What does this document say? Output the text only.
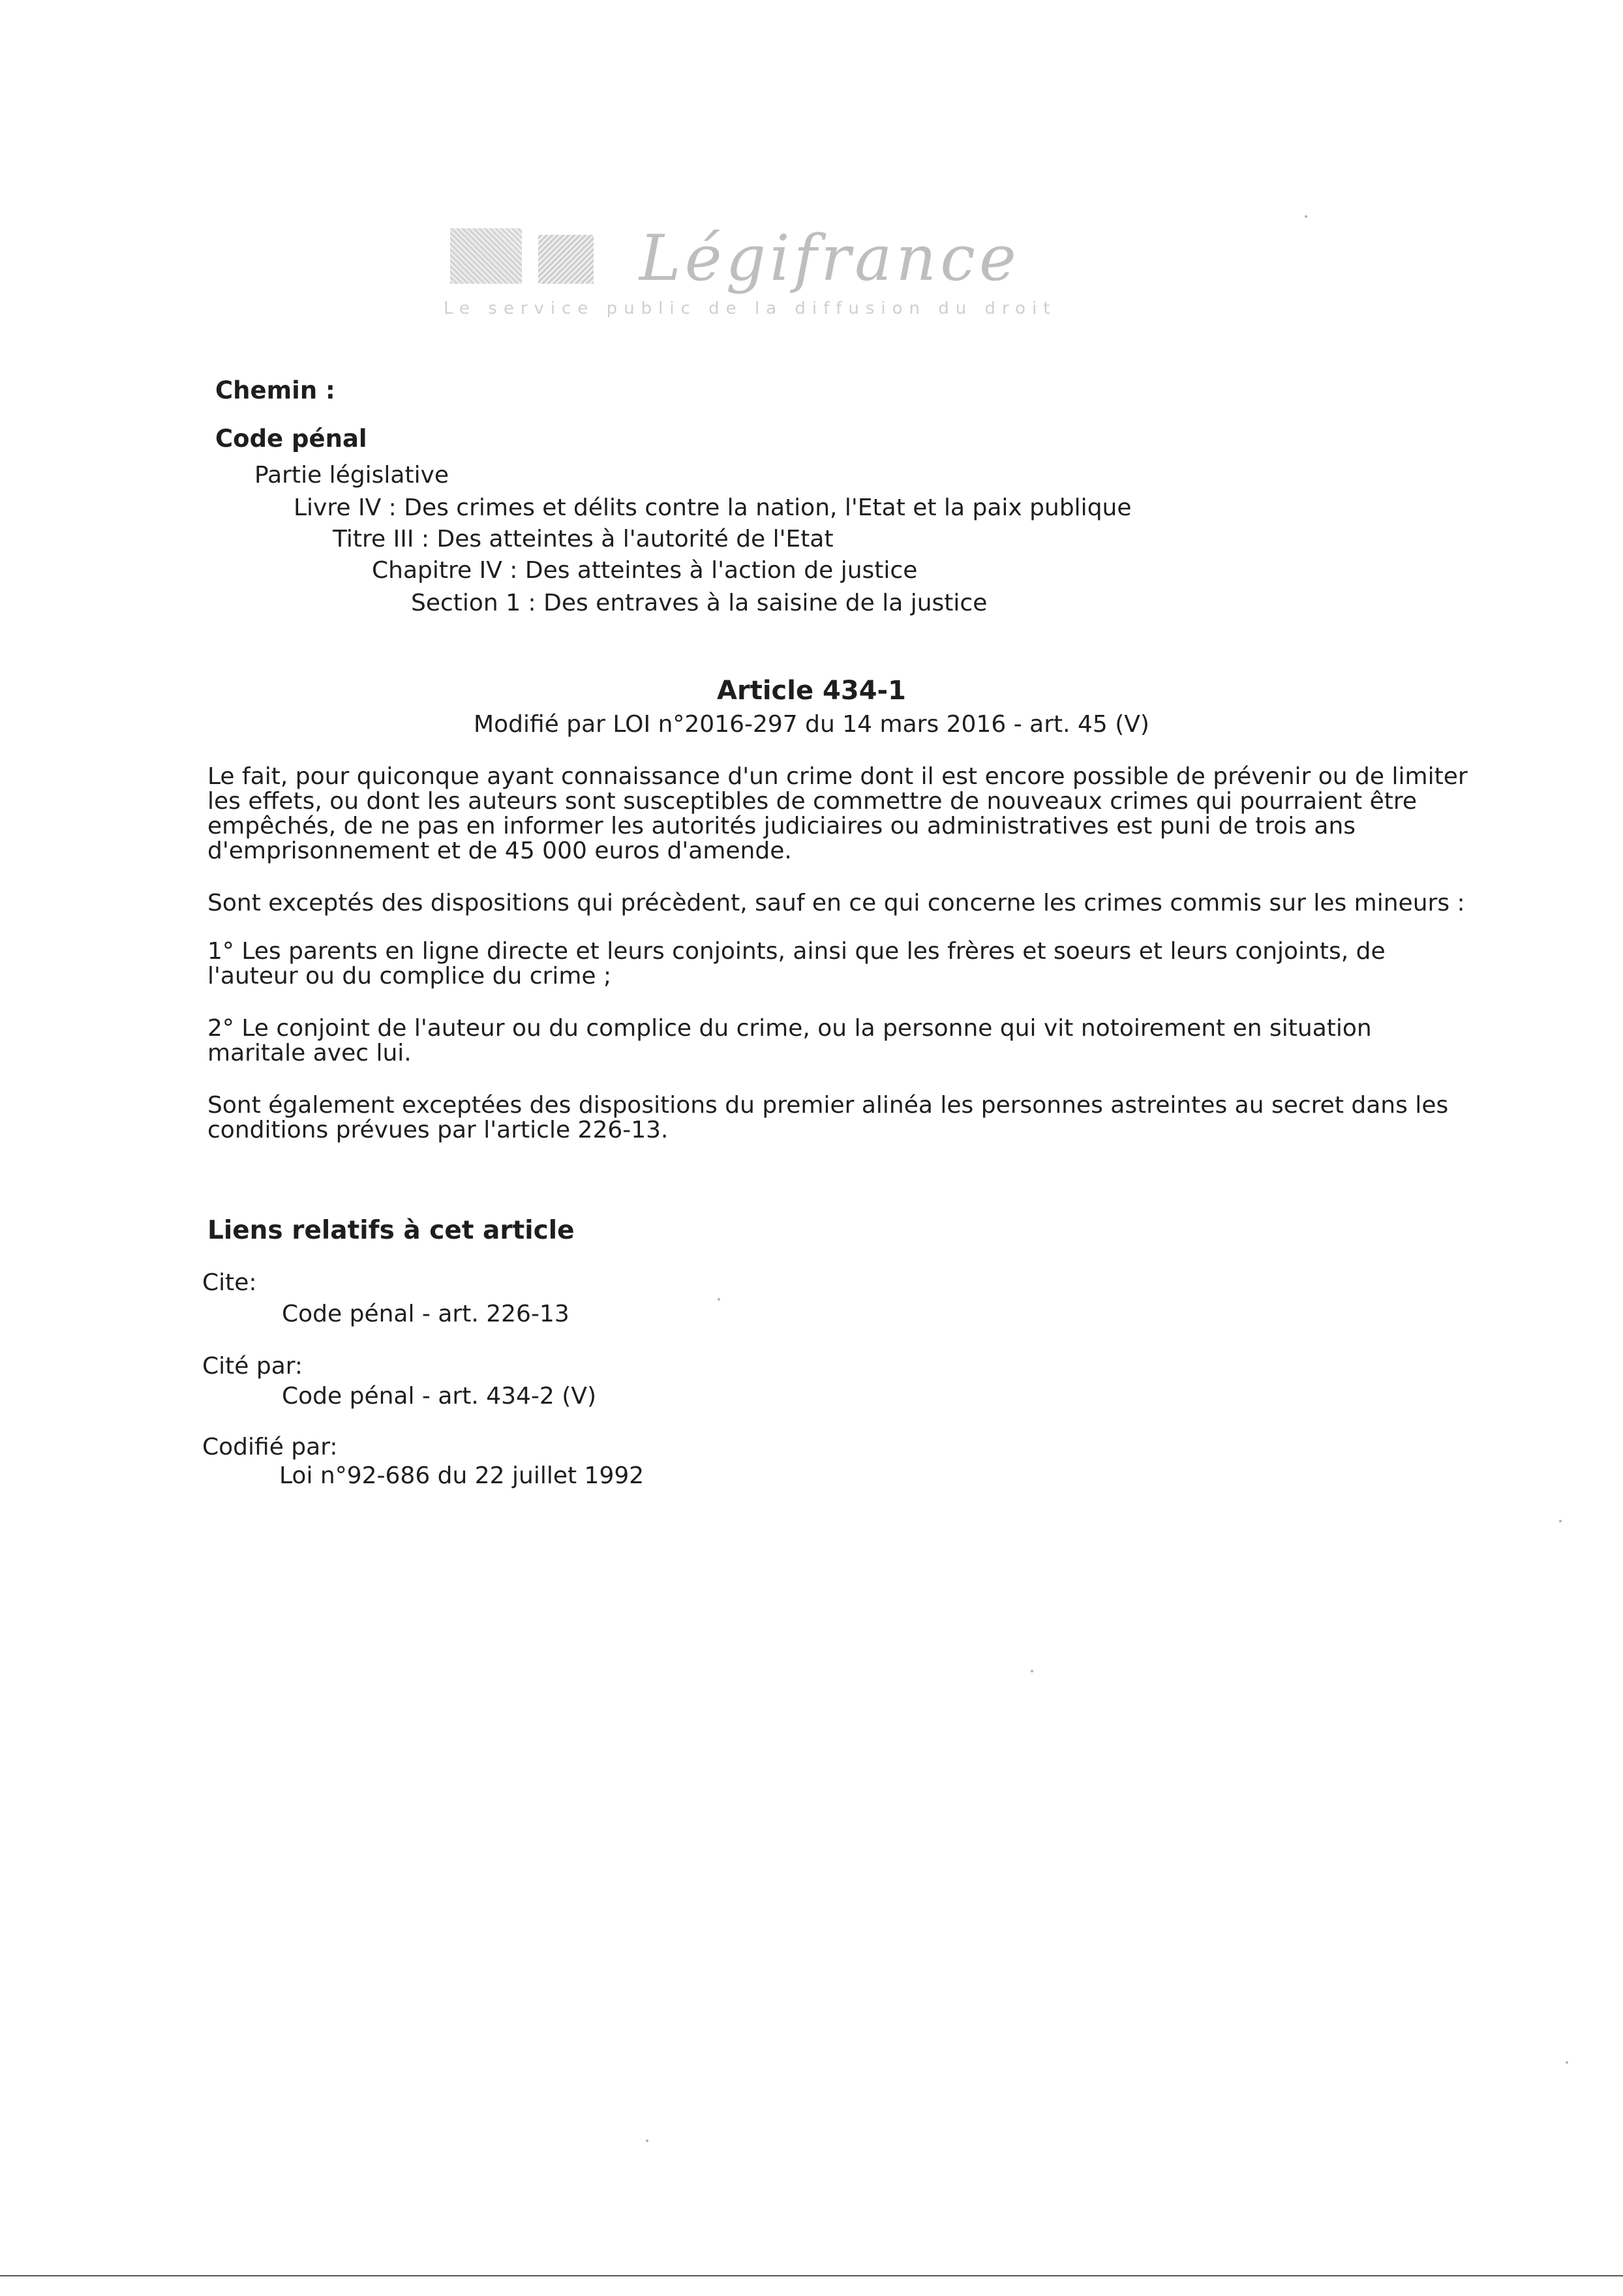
Légifrance
Le service public de la diffusion du droit
Chemin :
Code pénal
Partie législative
Livre IV : Des crimes et délits contre la nation, l'Etat et la paix publique
Titre III : Des atteintes à l'autorité de l'Etat
Chapitre IV : Des atteintes à l'action de justice
Section 1 : Des entraves à la saisine de la justice
Article 434-1
Modifié par LOI n°2016-297 du 14 mars 2016 - art. 45 (V)

Le fait, pour quiconque ayant connaissance d'un crime dont il est encore possible de prévenir ou de limiter les effets, ou dont les auteurs sont susceptibles de commettre de nouveaux crimes qui pourraient être empêchés, de ne pas en informer les autorités judiciaires ou administratives est puni de trois ans d'emprisonnement et de 45 000 euros d'amende.

Sont exceptés des dispositions qui précèdent, sauf en ce qui concerne les crimes commis sur les mineurs :

1° Les parents en ligne directe et leurs conjoints, ainsi que les frères et soeurs et leurs conjoints, de l'auteur ou du complice du crime ;

2° Le conjoint de l'auteur ou du complice du crime, ou la personne qui vit notoirement en situation maritale avec lui.

Sont également exceptées des dispositions du premier alinéa les personnes astreintes au secret dans les conditions prévues par l'article 226-13.

Liens relatifs à cet article
Cite:
Code pénal - art. 226-13
Cité par:
Code pénal - art. 434-2 (V)
Codifié par:
Loi n°92-686 du 22 juillet 1992
